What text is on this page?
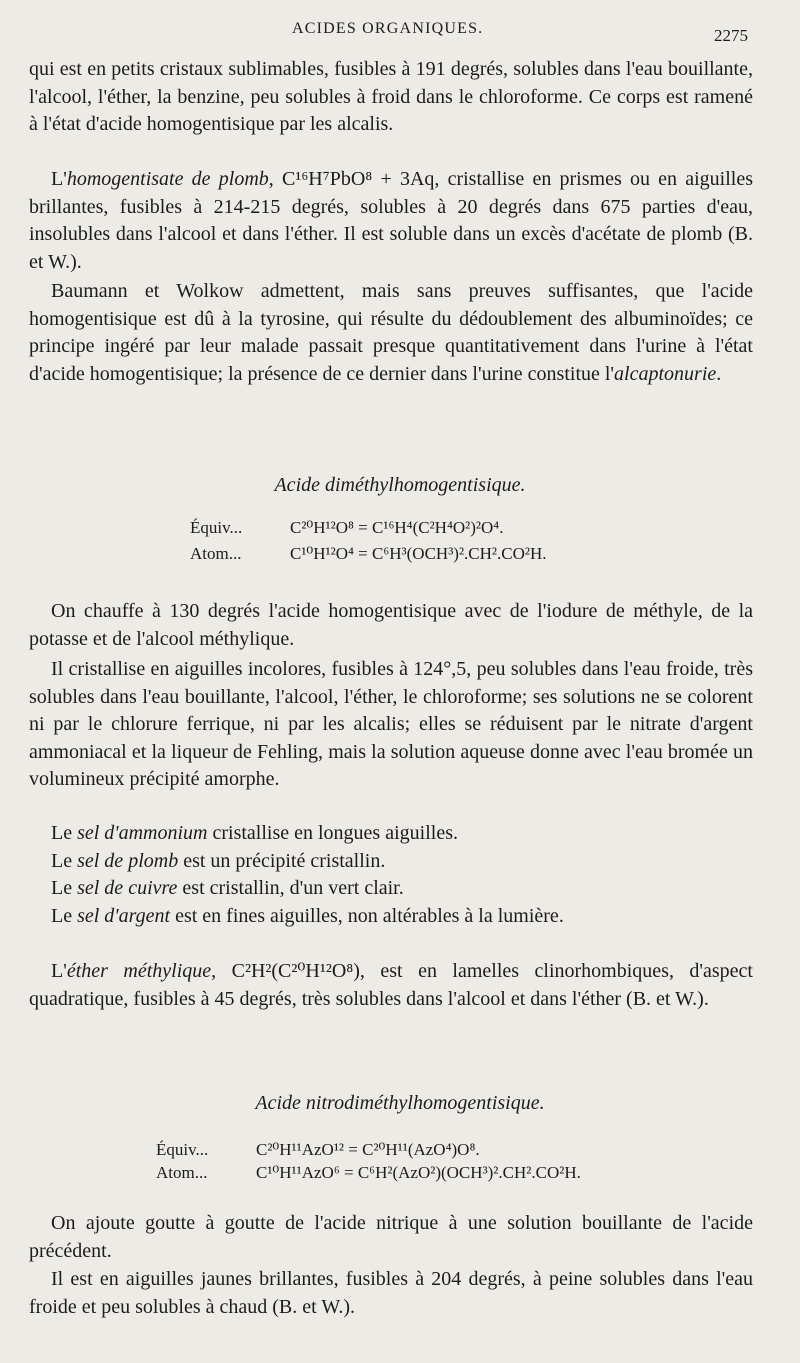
ACIDES ORGANIQUES.	2275

qui est en petits cristaux sublimables, fusibles à 191 degrés, solubles dans l'eau bouillante, l'alcool, l'éther, la benzine, peu solubles à froid dans le chloroforme. Ce corps est ramené à l'état d'acide homogentisique par les alcalis.

L'homogentisate de plomb, C¹⁶H⁷PbO⁸ + 3Aq, cristallise en prismes ou en aiguilles brillantes, fusibles à 214-215 degrés, solubles à 20 degrés dans 675 parties d'eau, insolubles dans l'alcool et dans l'éther. Il est soluble dans un excès d'acétate de plomb (B. et W.).

Baumann et Wolkow admettent, mais sans preuves suffisantes, que l'acide homogentisique est dû à la tyrosine, qui résulte du dédoublement des albuminoïdes; ce principe ingéré par leur malade passait presque quantitativement dans l'urine à l'état d'acide homogentisique; la présence de ce dernier dans l'urine constitue l'alcaptonurie.

Acide diméthylhomogentisique.
Équiv...	C²⁰H¹²O⁸ = C¹⁶H⁴(C²H⁴O²)²O⁴.
Atom...	C¹⁰H¹²O⁴ = C⁶H³(OCH³)².CH².CO²H.

On chauffe à 130 degrés l'acide homogentisique avec de l'iodure de méthyle, de la potasse et de l'alcool méthylique.

Il cristallise en aiguilles incolores, fusibles à 124°,5, peu solubles dans l'eau froide, très solubles dans l'eau bouillante, l'alcool, l'éther, le chloroforme; ses solutions ne se colorent ni par le chlorure ferrique, ni par les alcalis; elles se réduisent par le nitrate d'argent ammoniacal et la liqueur de Fehling, mais la solution aqueuse donne avec l'eau bromée un volumineux précipité amorphe.

Le sel d'ammonium cristallise en longues aiguilles.

Le sel de plomb est un précipité cristallin.

Le sel de cuivre est cristallin, d'un vert clair.

Le sel d'argent est en fines aiguilles, non altérables à la lumière.

L'éther méthylique, C²H²(C²⁰H¹²O⁸), est en lamelles clinorhombiques, d'aspect quadratique, fusibles à 45 degrés, très solubles dans l'alcool et dans l'éther (B. et W.).

Acide nitrodiméthylhomogentisique.
Équiv...	C²⁰H¹¹AzO¹² = C²⁰H¹¹(AzO⁴)O⁸.
Atom...	C¹⁰H¹¹AzO⁶ = C⁶H²(AzO²)(OCH³)².CH².CO²H.

On ajoute goutte à goutte de l'acide nitrique à une solution bouillante de l'acide précédent.

Il est en aiguilles jaunes brillantes, fusibles à 204 degrés, à peine solubles dans l'eau froide et peu solubles à chaud (B. et W.).
